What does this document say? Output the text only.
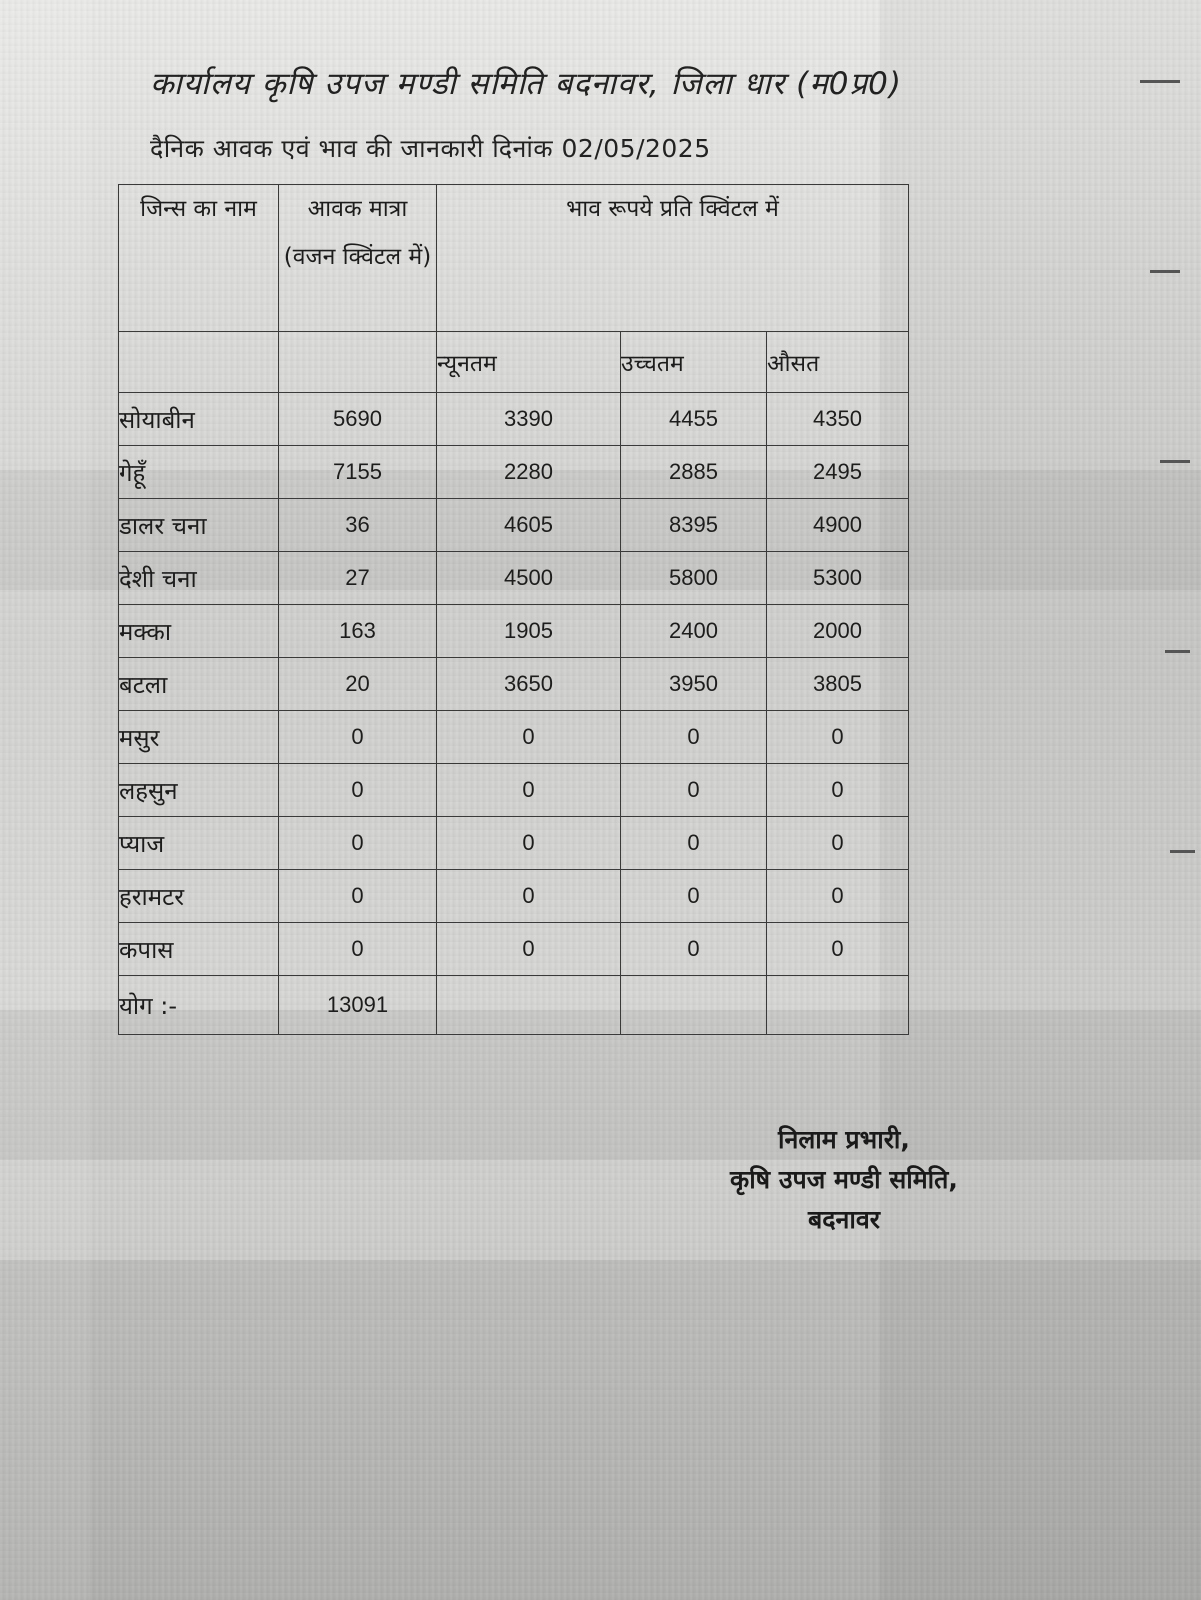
कार्यालय कृषि उपज मण्डी समिति बदनावर, जिला धार (म0प्र0)
दैनिक आवक एवं भाव की जानकारी दिनांक 02/05/2025
जिन्स का नाम	आवक मात्रा (वजन क्विंटल में)	भाव रूपये प्रति क्विंटल में		
		न्यूनतम	उच्चतम	औसत
सोयाबीन	5690	3390	4455	4350
गेहूँ	7155	2280	2885	2495
डालर चना	36	4605	8395	4900
देशी चना	27	4500	5800	5300
मक्का	163	1905	2400	2000
बटला	20	3650	3950	3805
मसुर	0	0	0	0
लहसुन	0	0	0	0
प्याज	0	0	0	0
हरामटर	0	0	0	0
कपास	0	0	0	0
योग :-	13091			
निलाम प्रभारी,
कृषि उपज मण्डी समिति,
बदनावर
